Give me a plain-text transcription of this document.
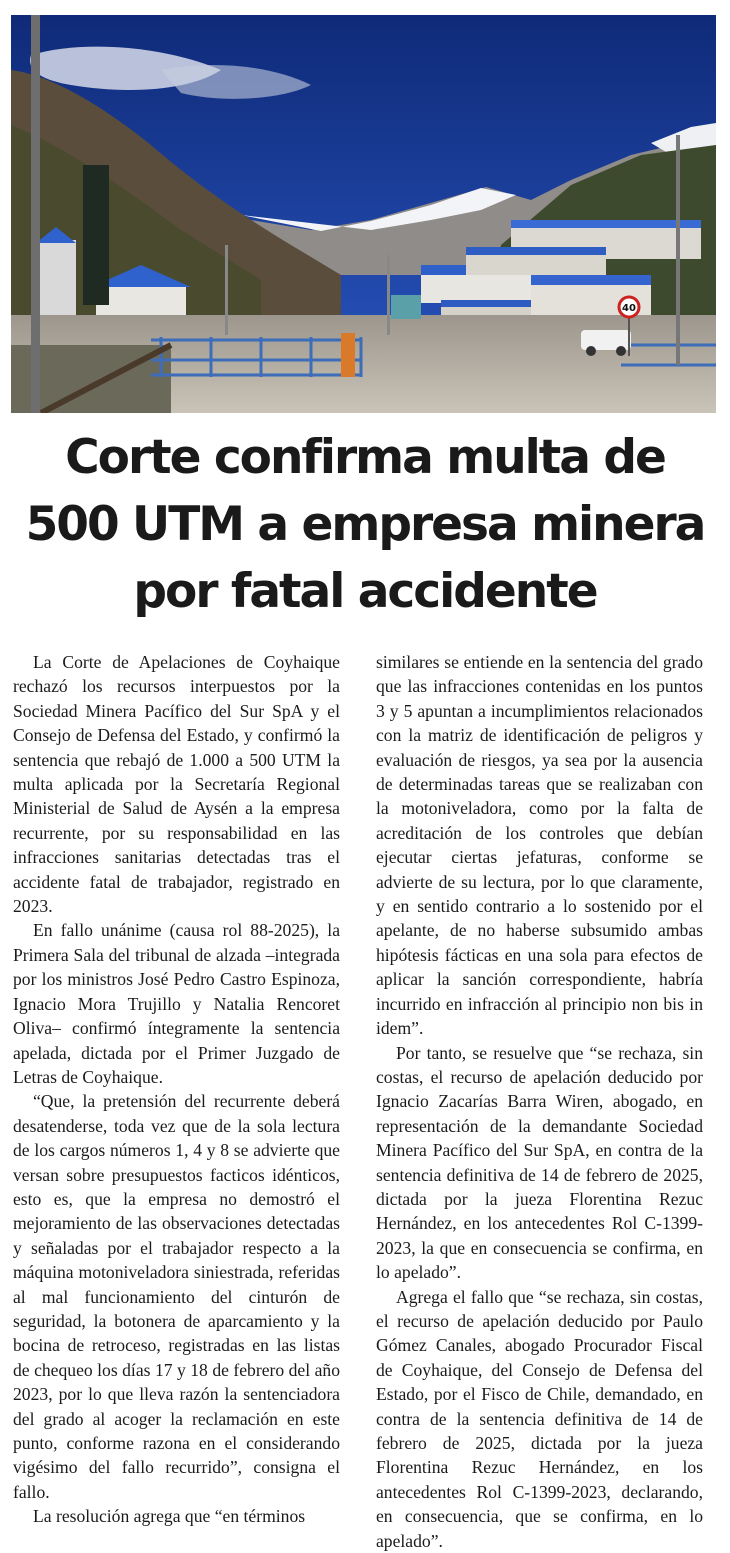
40
Corte confirma multa de
500 UTM a empresa minera
por fatal accidente

La Corte de Apelaciones de Coyhaique rechazó los recursos interpuestos por la Sociedad Minera Pacífico del Sur SpA y el Consejo de Defensa del Estado, y confirmó la sentencia que rebajó de 1.000 a 500 UTM la multa aplicada por la Secretaría Regional Ministerial de Salud de Aysén a la empresa recurrente, por su responsabilidad en las infracciones sanitarias detectadas tras el accidente fatal de trabajador, registrado en 2023.

En fallo unánime (causa rol 88-2025), la Primera Sala del tribunal de alzada –integrada por los ministros José Pedro Castro Espinoza, Ignacio Mora Trujillo y Natalia Rencoret Oliva– confirmó íntegramente la sentencia apelada, dictada por el Primer Juzgado de Letras de Coyhaique.

“Que, la pretensión del recurrente deberá desatenderse, toda vez que de la sola lectura de los cargos números 1, 4 y 8 se advierte que versan sobre presupuestos facticos idénticos, esto es, que la empresa no demostró el mejoramiento de las observaciones detectadas y señaladas por el trabajador respecto a la máquina motoniveladora siniestrada, referidas al mal funcionamiento del cinturón de seguridad, la botonera de aparcamiento y la bocina de retroceso, registradas en las listas de chequeo los días 17 y 18 de febrero del año 2023, por lo que lleva razón la sentenciadora del grado al acoger la reclamación en este punto, conforme razona en el considerando vigésimo del fallo recurrido”, consigna el fallo.

La resolución agrega que “en términos

similares se entiende en la sentencia del grado que las infracciones contenidas en los puntos 3 y 5 apuntan a incumplimientos relacionados con la matriz de identificación de peligros y evaluación de riesgos, ya sea por la ausencia de determinadas tareas que se realizaban con la motoniveladora, como por la falta de acreditación de los controles que debían ejecutar ciertas jefaturas, conforme se advierte de su lectura, por lo que claramente, y en sentido contrario a lo sostenido por el apelante, de no haberse subsumido ambas hipótesis fácticas en una sola para efectos de aplicar la sanción correspondiente, habría incurrido en infracción al principio non bis in idem”.

Por tanto, se resuelve que “se rechaza, sin costas, el recurso de apelación deducido por Ignacio Zacarías Barra Wiren, abogado, en representación de la demandante Sociedad Minera Pacífico del Sur SpA, en contra de la sentencia definitiva de 14 de febrero de 2025, dictada por la jueza Florentina Rezuc Hernández, en los antecedentes Rol C-1399-2023, la que en consecuencia se confirma, en lo apelado”.

Agrega el fallo que “se rechaza, sin costas, el recurso de apelación deducido por Paulo Gómez Canales, abogado Procurador Fiscal de Coyhaique, del Consejo de Defensa del Estado, por el Fisco de Chile, demandado, en contra de la sentencia definitiva de 14 de febrero de 2025, dictada por la jueza Florentina Rezuc Hernández, en los antecedentes Rol C-1399-2023, declarando, en consecuencia, que se confirma, en lo apelado”.
